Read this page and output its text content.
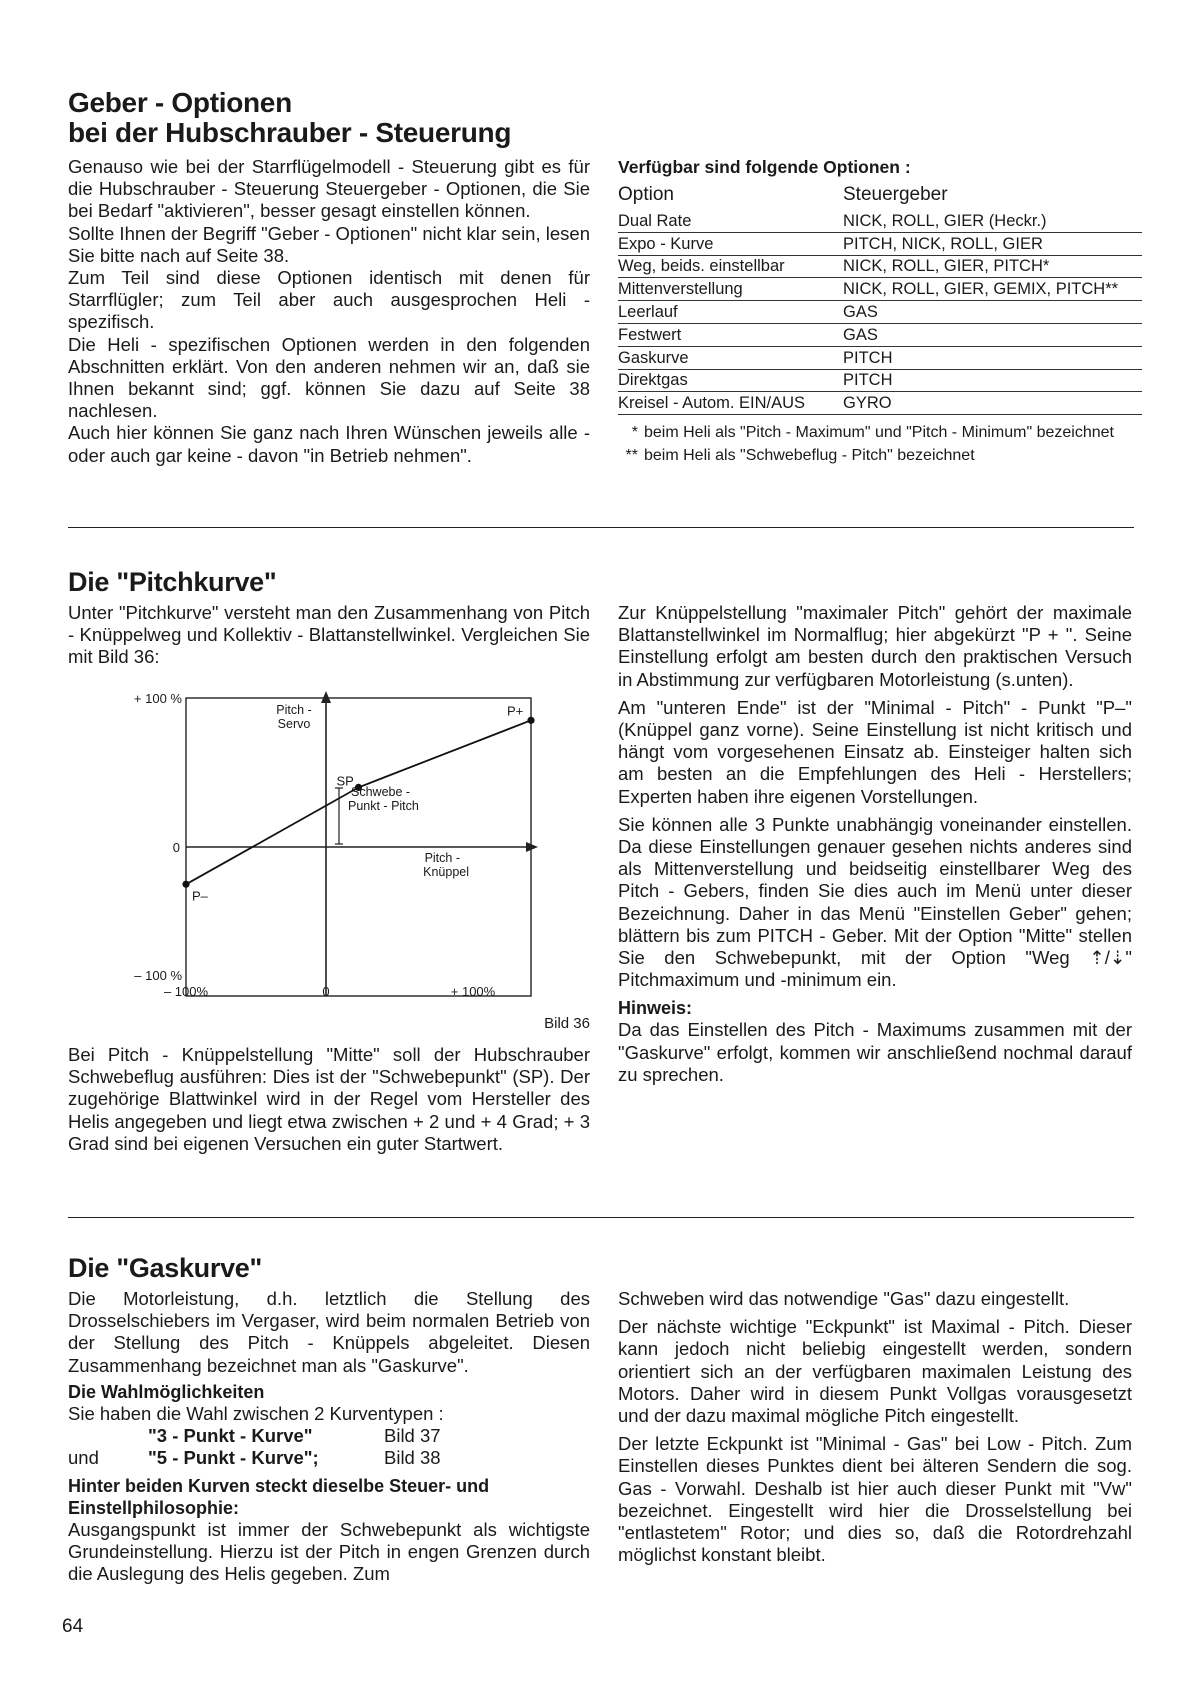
Geber - Optionen
bei der Hubschrauber - Steuerung

Genauso wie bei der Starrflügelmodell - Steuerung gibt es für die Hubschrauber - Steuerung Steuergeber - Optionen, die Sie bei Bedarf "aktivieren", besser gesagt einstellen können.

Sollte Ihnen der Begriff "Geber - Optionen" nicht klar sein, lesen Sie bitte nach auf Seite 38.

Zum Teil sind diese Optionen identisch mit denen für Starrflügler; zum Teil aber auch ausgesprochen Heli - spezifisch.

Die Heli - spezifischen Optionen werden in den folgenden Abschnitten erklärt. Von den anderen nehmen wir an, daß sie Ihnen bekannt sind; ggf. können Sie dazu auf Seite 38 nachlesen.

Auch hier können Sie ganz nach Ihren Wünschen jeweils alle - oder auch gar keine - davon "in Betrieb nehmen".

Verfügbar sind folgende Optionen :
Option	Steuergeber
Dual Rate	NICK, ROLL, GIER (Heckr.)
Expo - Kurve	PITCH, NICK, ROLL, GIER
Weg, beids. einstellbar	NICK, ROLL, GIER, PITCH*
Mittenverstellung	NICK, ROLL, GIER, GEMIX, PITCH**
Leerlauf	GAS
Festwert	GAS
Gaskurve	PITCH
Direktgas	PITCH
Kreisel - Autom. EIN/AUS	GYRO
* beim Heli als "Pitch - Maximum" und "Pitch - Minimum" bezeichnet
** beim Heli als "Schwebeflug - Pitch" bezeichnet
Die "Pitchkurve"

Unter "Pitchkurve" versteht man den Zusammenhang von Pitch - Knüppelweg und Kollektiv - Blattanstellwinkel. Vergleichen Sie mit Bild 36:

+ 100 %
0
– 100 %
– 100%	0	+ 100%
Pitch -
Servo
Pitch -
Knüppel
P–
SP
P+
Schwebe -
Punkt - Pitch
Bild 36

Bei Pitch - Knüppelstellung "Mitte" soll der Hubschrauber Schwebeflug ausführen: Dies ist der "Schwebepunkt" (SP). Der zugehörige Blattwinkel wird in der Regel vom Hersteller des Helis angegeben und liegt etwa zwischen + 2 und + 4 Grad; + 3 Grad sind bei eigenen Versuchen ein guter Startwert.

Zur Knüppelstellung "maximaler Pitch" gehört der maximale Blattanstellwinkel im Normalflug; hier abgekürzt "P + ". Seine Einstellung erfolgt am besten durch den praktischen Versuch in Abstimmung zur verfügbaren Motorleistung (s.unten).

Am "unteren Ende" ist der "Minimal - Pitch" - Punkt "P–" (Knüppel ganz vorne). Seine Einstellung ist nicht kritisch und hängt vom vorgesehenen Einsatz ab. Einsteiger halten sich am besten an die Empfehlungen des Heli - Herstellers; Experten haben ihre eigenen Vorstellungen.

Sie können alle 3 Punkte unabhängig voneinander einstellen. Da diese Einstellungen genauer gesehen nichts anderes sind als Mittenverstellung und beidseitig einstellbarer Weg des Pitch - Gebers, finden Sie dies auch im Menü unter dieser Bezeichnung. Daher in das Menü "Einstellen Geber" gehen; blättern bis zum PITCH - Geber. Mit der Option "Mitte" stellen Sie den Schwebepunkt, mit der Option "Weg ⇡/⇣" Pitchmaximum und -minimum ein.

Hinweis:

Da das Einstellen des Pitch - Maximums zusammen mit der "Gaskurve" erfolgt, kommen wir anschließend nochmal darauf zu sprechen.

Die "Gaskurve"

Die Motorleistung, d.h. letztlich die Stellung des Drosselschiebers im Vergaser, wird beim normalen Betrieb von der Stellung des Pitch - Knüppels abgeleitet. Diesen Zusammenhang bezeichnet man als "Gaskurve".

Die Wahlmöglichkeiten
Sie haben die Wahl zwischen 2 Kurventypen :
	"3 - Punkt - Kurve"	Bild 37
und	"5 - Punkt - Kurve";	Bild 38
Hinter beiden Kurven steckt dieselbe Steuer- und Einstellphilosophie:

Ausgangspunkt ist immer der Schwebepunkt als wichtigste Grundeinstellung. Hierzu ist der Pitch in engen Grenzen durch die Auslegung des Helis gegeben. Zum

Schweben wird das notwendige "Gas" dazu eingestellt.

Der nächste wichtige "Eckpunkt" ist Maximal - Pitch. Dieser kann jedoch nicht beliebig eingestellt werden, sondern orientiert sich an der verfügbaren maximalen Leistung des Motors. Daher wird in diesem Punkt Vollgas vorausgesetzt und der dazu maximal mögliche Pitch eingestellt.

Der letzte Eckpunkt ist "Minimal - Gas" bei Low - Pitch. Zum Einstellen dieses Punktes dient bei älteren Sendern die sog. Gas - Vorwahl. Deshalb ist hier auch dieser Punkt mit "Vw" bezeichnet. Eingestellt wird hier die Drosselstellung bei "entlastetem" Rotor; und dies so, daß die Rotordrehzahl möglichst konstant bleibt.

64
